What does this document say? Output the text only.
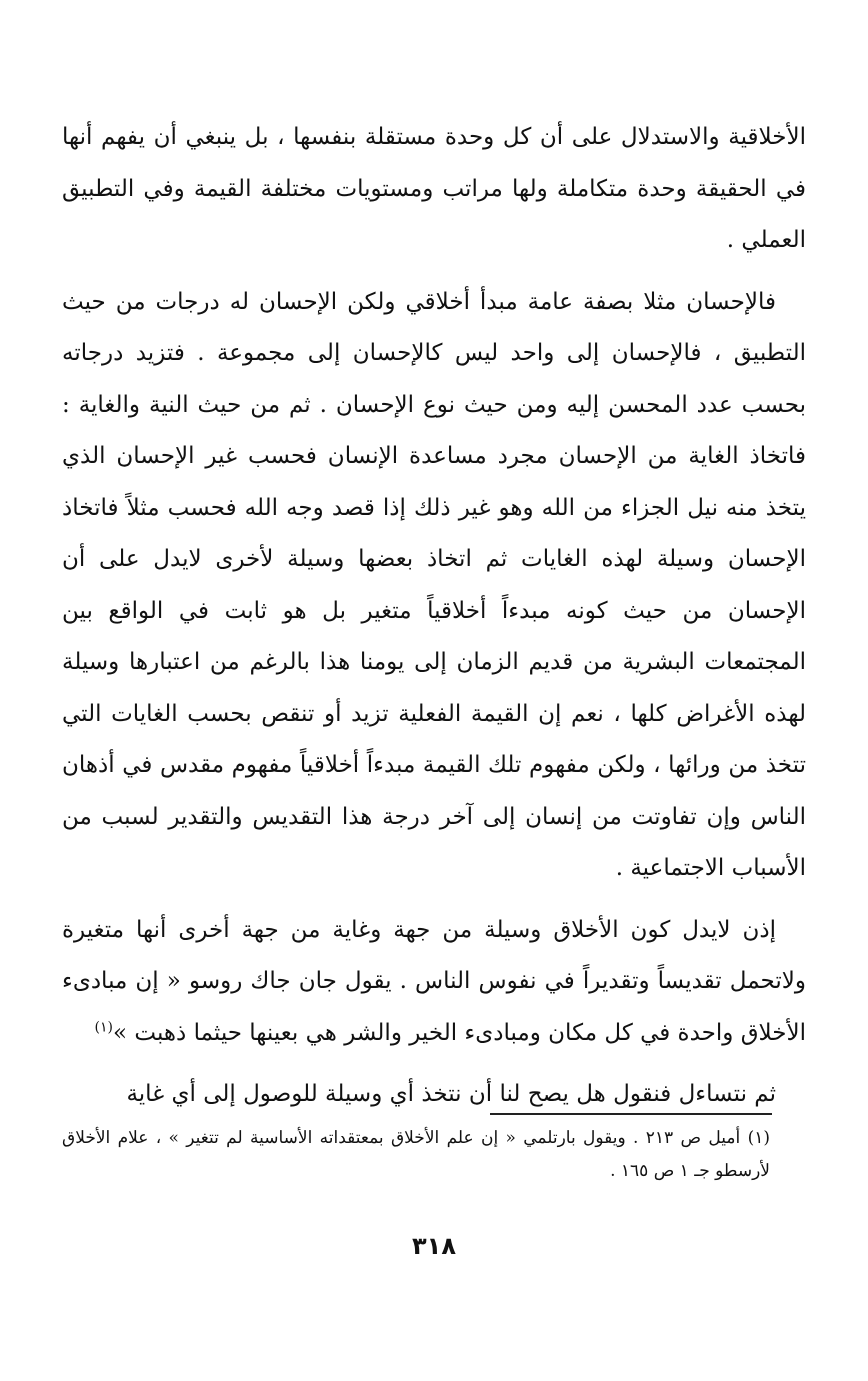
الأخلاقية والاستدلال على أن كل وحدة مستقلة بنفسها ، بل ينبغي أن يفهم أنها في الحقيقة وحدة متكاملة ولها مراتب ومستويات مختلفة القيمة وفي التطبيق العملي .

فالإحسان مثلا بصفة عامة مبدأ أخلاقي ولكن الإحسان له درجات من حيث التطبيق ، فالإحسان إلى واحد ليس كالإحسان إلى مجموعة . فتزيد درجاته بحسب عدد المحسن إليه ومن حيث نوع الإحسان . ثم من حيث النية والغاية : فاتخاذ الغاية من الإحسان مجرد مساعدة الإنسان فحسب غير الإحسان الذي يتخذ منه نيل الجزاء من الله وهو غير ذلك إذا قصد وجه الله فحسب مثلاً فاتخاذ الإحسان وسيلة لهذه الغايات ثم اتخاذ بعضها وسيلة لأخرى لايدل على أن الإحسان من حيث كونه مبدءاً أخلاقياً متغير بل هو ثابت في الواقع بين المجتمعات البشرية من قديم الزمان إلى يومنا هذا بالرغم من اعتبارها وسيلة لهذه الأغراض كلها ، نعم إن القيمة الفعلية تزيد أو تنقص بحسب الغايات التي تتخذ من ورائها ، ولكن مفهوم تلك القيمة مبدءاً أخلاقياً مفهوم مقدس في أذهان الناس وإن تفاوتت من إنسان إلى آخر درجة هذا التقديس والتقدير لسبب من الأسباب الاجتماعية .

إذن لايدل كون الأخلاق وسيلة من جهة وغاية من جهة أخرى أنها متغيرة ولاتحمل تقديساً وتقديراً في نفوس الناس . يقول جان جاك روسو « إن مبادىء الأخلاق واحدة في كل مكان ومبادىء الخير والشر هي بعينها حيثما ذهبت »$^{(١)}$

ثم نتساءل فنقول هل يصح لنا أن نتخذ أي وسيلة للوصول إلى أي غاية

(١) أميل ص ٢١٣ . ويقول بارتلمي « إن علم الأخلاق بمعتقداته الأساسية لم تتغير » ، علام الأخلاق لأرسطو جـ ١ ص ١٦٥ .

٣١٨
